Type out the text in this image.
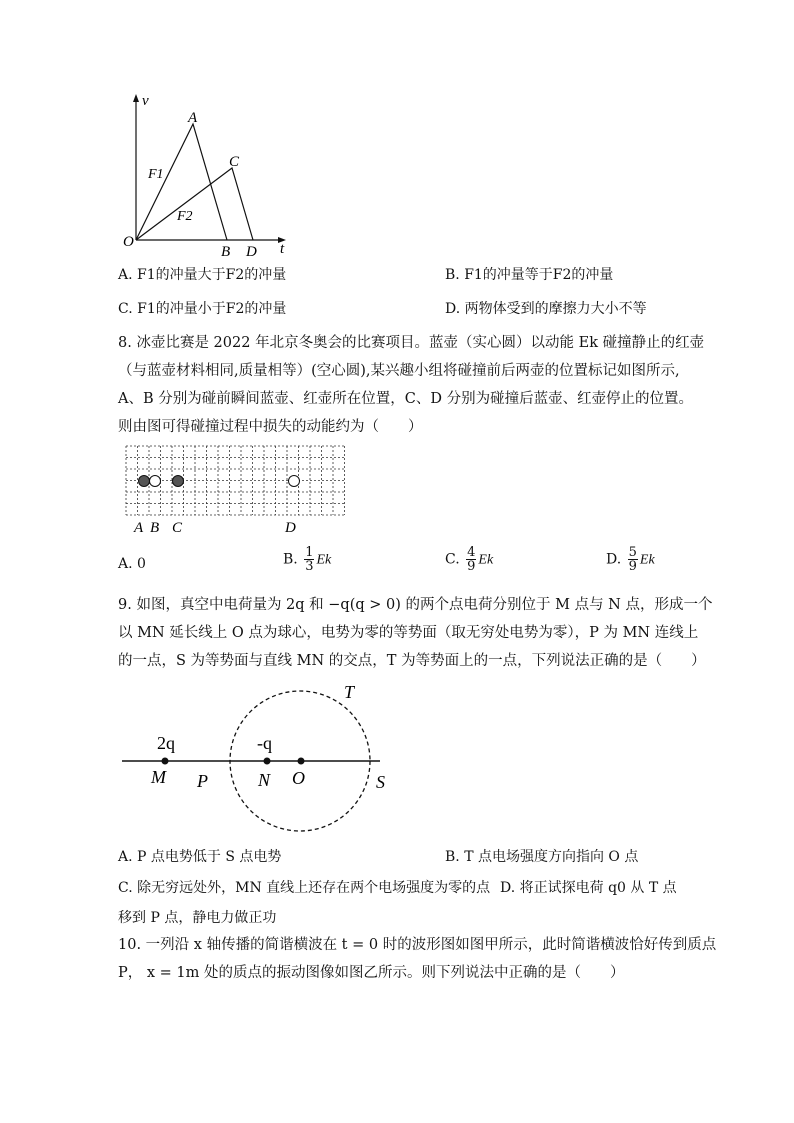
v
t
O
A
C
B D
F1
F2
A. F1的冲量大于F2的冲量	B. F1的冲量等于F2的冲量
C. F1的冲量小于F2的冲量	D. 两物体受到的摩擦力大小不等
8. 冰壶比赛是 2022 年北京冬奥会的比赛项目。蓝壶（实心圆）以动能 Ek 碰撞静止的红壶
（与蓝壶材料相同,质量相等）(空心圆),某兴趣小组将碰撞前后两壶的位置标记如图所示,
A、B 分别为碰前瞬间蓝壶、红壶所在位置，C、D 分别为碰撞后蓝壶、红壶停止的位置。
则由图可得碰撞过程中损失的动能约为（　　）
A B C	D
A. 0	B. $\frac{1}{3}$ Ek	C. $\frac{4}{9}$ Ek	D. $\frac{5}{9}$ Ek
9. 如图，真空中电荷量为 2q 和 −q(q > 0) 的两个点电荷分别位于 M 点与 N 点，形成一个
以 MN 延长线上 O 点为球心，电势为零的等势面（取无穷处电势为零），P 为 MN 连线上
的一点，S 为等势面与直线 MN 的交点，T 为等势面上的一点，下列说法正确的是（　　）
T
2q	-q
M P	N O	S
A. P 点电势低于 S 点电势	B. T 点电场强度方向指向 O 点
C. 除无穷远处外，MN 直线上还存在两个电场强度为零的点 D. 将正试探电荷 q0 从 T 点
移到 P 点，静电力做正功
10. 一列沿 x 轴传播的简谐横波在 t = 0 时的波形图如图甲所示，此时简谐横波恰好传到质点
P， x = 1m 处的质点的振动图像如图乙所示。则下列说法中正确的是（　　）
